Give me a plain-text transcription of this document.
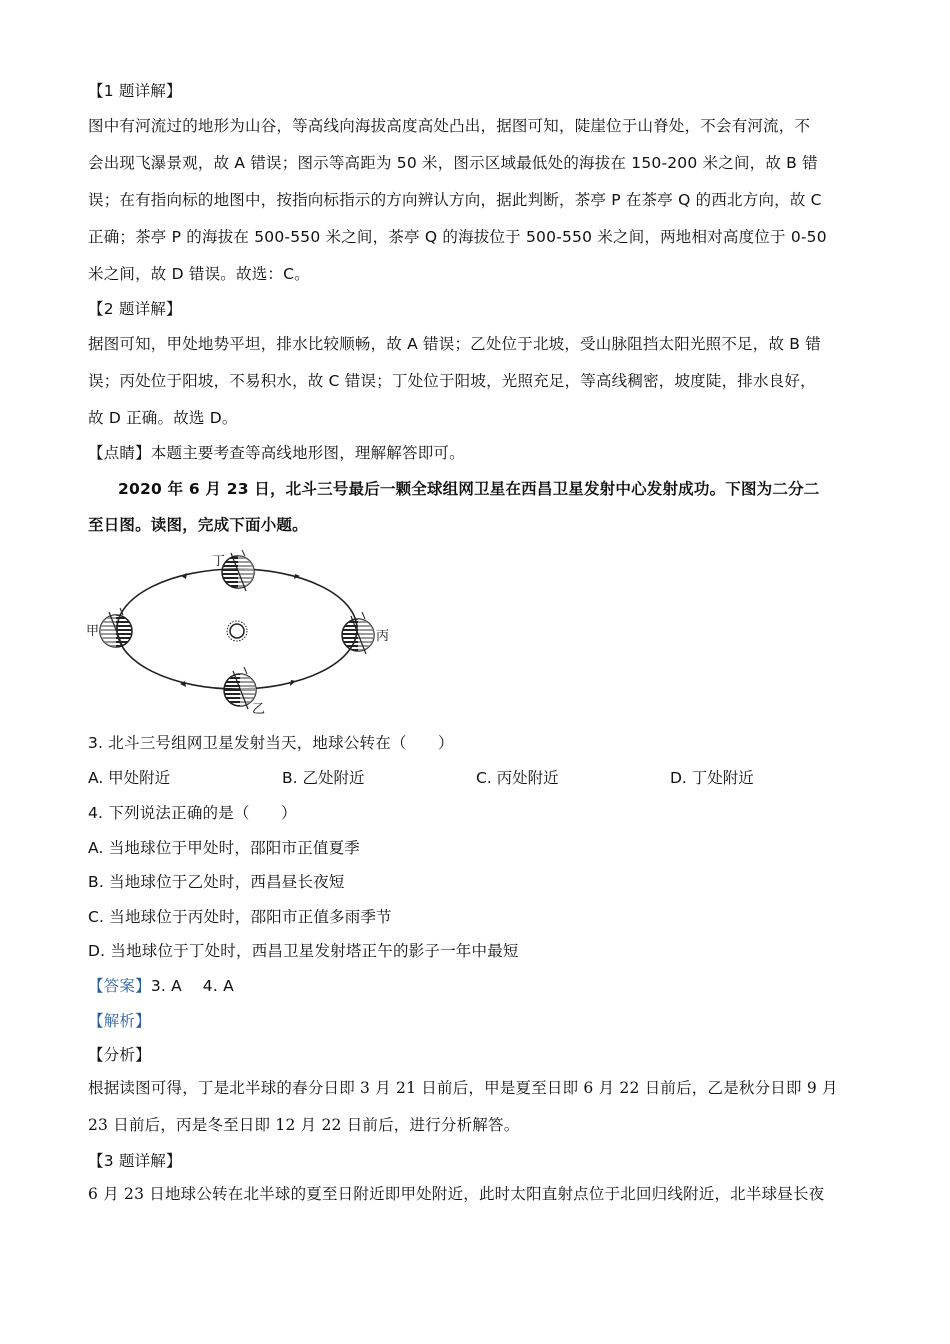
【1 题详解】
图中有河流过的地形为山谷，等高线向海拔高度高处凸出，据图可知，陡崖位于山脊处，不会有河流，不
会出现飞瀑景观，故 A 错误；图示等高距为 50 米，图示区域最低处的海拔在 150-200 米之间，故 B 错
误；在有指向标的地图中，按指向标指示的方向辨认方向，据此判断，茶亭 P 在茶亭 Q 的西北方向，故 C
正确；茶亭 P 的海拔在 500-550 米之间，茶亭 Q 的海拔位于 500-550 米之间，两地相对高度位于 0-50
米之间，故 D 错误。故选：C。
【2 题详解】
据图可知，甲处地势平坦，排水比较顺畅，故 A 错误；乙处位于北坡，受山脉阻挡太阳光照不足，故 B 错
误；丙处位于阳坡，不易积水，故 C 错误；丁处位于阳坡，光照充足，等高线稠密，坡度陡，排水良好，
故 D 正确。故选 D。
【点睛】本题主要考查等高线地形图，理解解答即可。
2020 年 6 月 23 日，北斗三号最后一颗全球组网卫星在西昌卫星发射中心发射成功。下图为二分二
至日图。读图，完成下面小题。
丁
甲	丙
乙
3. 北斗三号组网卫星发射当天，地球公转在（　　）
A. 甲处附近	B. 乙处附近	C. 丙处附近	D. 丁处附近
4. 下列说法正确的是（　　）
A. 当地球位于甲处时，邵阳市正值夏季
B. 当地球位于乙处时，西昌昼长夜短
C. 当地球位于丙处时，邵阳市正值多雨季节
D. 当地球位于丁处时，西昌卫星发射塔正午的影子一年中最短
【答案】3. A　 4. A
【解析】
【分析】
根据读图可得，丁是北半球的春分日即 3 月 21 日前后，甲是夏至日即 6 月 22 日前后，乙是秋分日即 9 月
23 日前后，丙是冬至日即 12 月 22 日前后，进行分析解答。
【3 题详解】
6 月 23 日地球公转在北半球的夏至日附近即甲处附近，此时太阳直射点位于北回归线附近，北半球昼长夜
